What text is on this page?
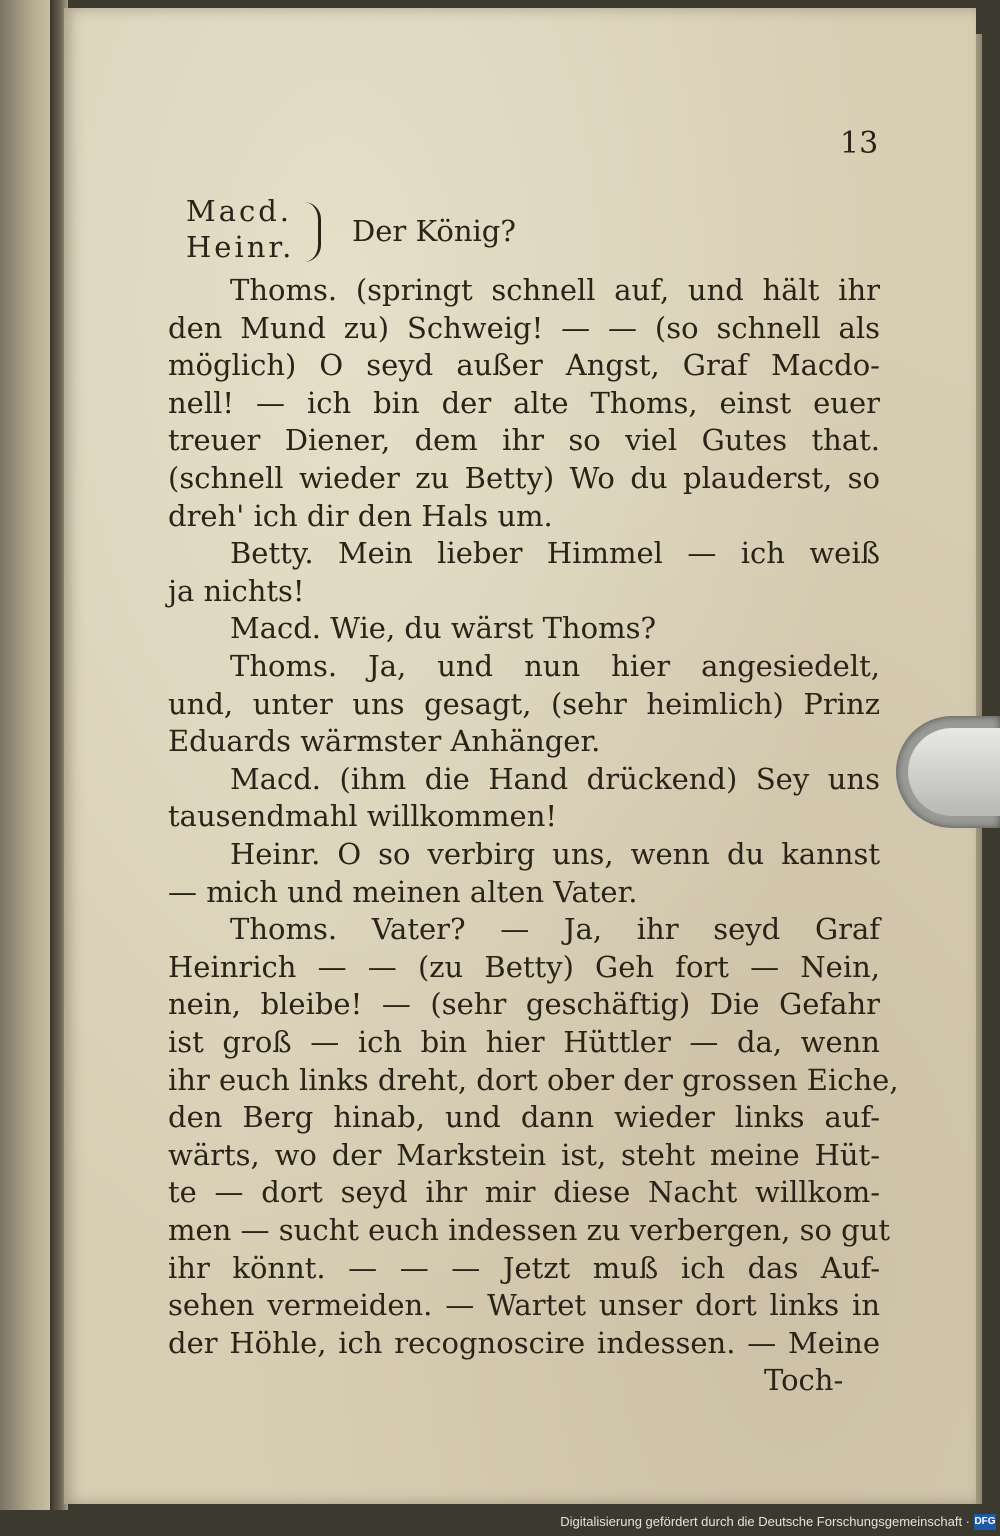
13
Macd.
Heinr. Der König?
Thoms. (springt schnell auf, und hält ihr
den Mund zu) Schweig! — — (so schnell als
möglich) O seyd außer Angst, Graf Macdo-
nell! — ich bin der alte Thoms, einst euer
treuer Diener, dem ihr so viel Gutes that.
(schnell wieder zu Betty) Wo du plauderst, so
dreh' ich dir den Hals um.
Betty. Mein lieber Himmel — ich weiß
ja nichts!
Macd. Wie, du wärst Thoms?
Thoms. Ja, und nun hier angesiedelt,
und, unter uns gesagt, (sehr heimlich) Prinz
Eduards wärmster Anhänger.
Macd. (ihm die Hand drückend) Sey uns
tausendmahl willkommen!
Heinr. O so verbirg uns, wenn du kannst
— mich und meinen alten Vater.
Thoms. Vater? — Ja, ihr seyd Graf
Heinrich — — (zu Betty) Geh fort — Nein,
nein, bleibe! — (sehr geschäftig) Die Gefahr
ist groß — ich bin hier Hüttler — da, wenn
ihr euch links dreht, dort ober der grossen Eiche,
den Berg hinab, und dann wieder links auf-
wärts, wo der Markstein ist, steht meine Hüt-
te — dort seyd ihr mir diese Nacht willkom-
men — sucht euch indessen zu verbergen, so gut
ihr könnt. — — — Jetzt muß ich das Auf-
sehen vermeiden. — Wartet unser dort links in
der Höhle, ich recognoscire indessen. — Meine
Toch-
Digitalisierung gefördert durch die Deutsche Forschungsgemeinschaft · DFG
